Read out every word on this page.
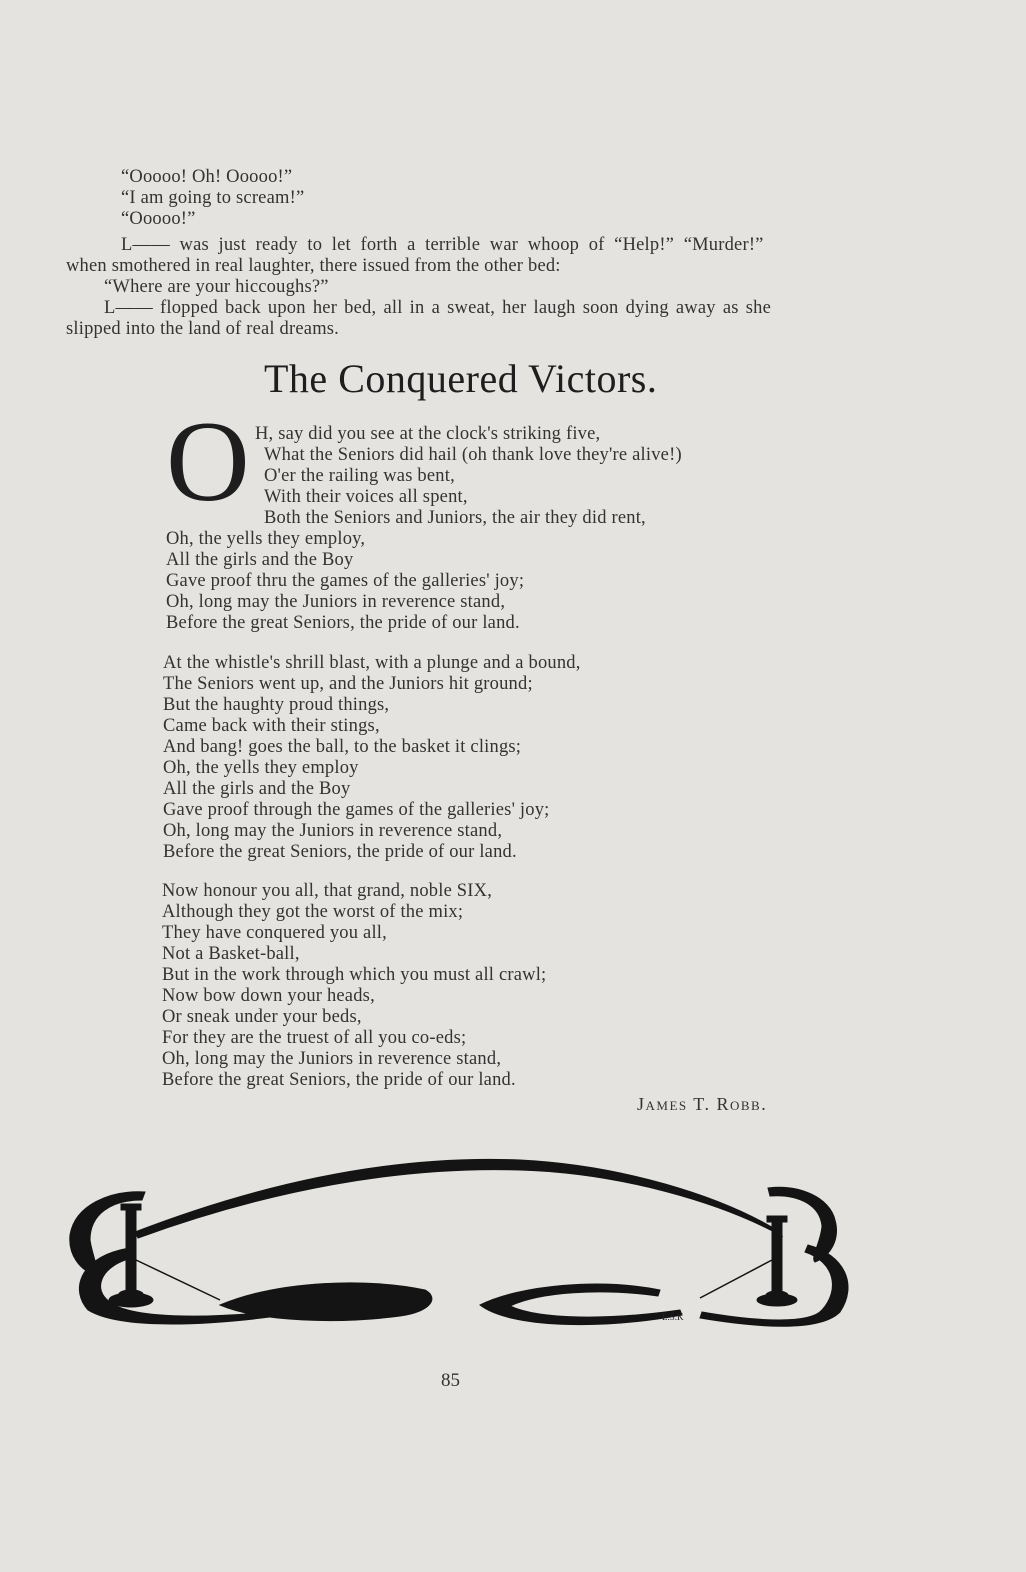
“Ooooo! Oh! Ooooo!”
“I am going to scream!”
“Ooooo!”
L—— was just ready to let forth a terrible war whoop of “Help!” “Murder!”
when smothered in real laughter, there issued from the other bed:
“Where are your hiccoughs?”
L—— flopped back upon her bed, all in a sweat, her laugh soon dying away as she
slipped into the land of real dreams.
The Conquered Victors.
O H, say did you see at the clock's striking five,
What the Seniors did hail (oh thank love they're alive!)
O'er the railing was bent,
With their voices all spent,
Both the Seniors and Juniors, the air they did rent,
Oh, the yells they employ,
All the girls and the Boy
Gave proof thru the games of the galleries' joy;
Oh, long may the Juniors in reverence stand,
Before the great Seniors, the pride of our land.
At the whistle's shrill blast, with a plunge and a bound,
The Seniors went up, and the Juniors hit ground;
But the haughty proud things,
Came back with their stings,
And bang! goes the ball, to the basket it clings;
Oh, the yells they employ
All the girls and the Boy
Gave proof through the games of the galleries' joy;
Oh, long may the Juniors in reverence stand,
Before the great Seniors, the pride of our land.
Now honour you all, that grand, noble SIX,
Although they got the worst of the mix;
They have conquered you all,
Not a Basket-ball,
But in the work through which you must all crawl;
Now bow down your heads,
Or sneak under your beds,
For they are the truest of all you co-eds;
Oh, long may the Juniors in reverence stand,
Before the great Seniors, the pride of our land.
James T. Robb.
E.S.K
85
